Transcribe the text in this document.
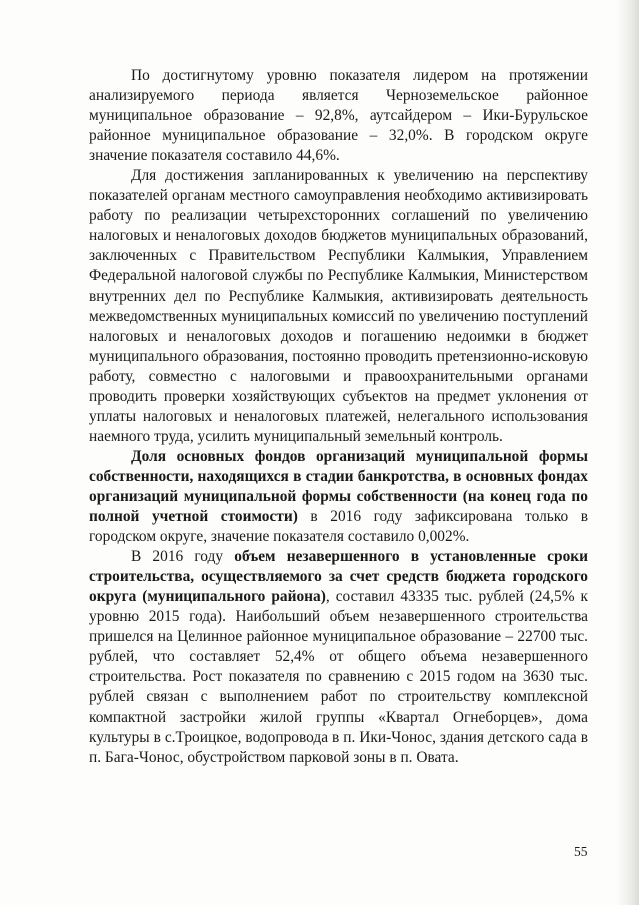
По достигнутому уровню показателя лидером на протяжении анализируемого периода является Черноземельское районное муниципальное образование – 92,8%, аутсайдером – Ики-Бурульское районное муниципальное образование – 32,0%. В городском округе значение показателя составило 44,6%.

Для достижения запланированных к увеличению на перспективу показателей органам местного самоуправления необходимо активизировать работу по реализации четырехсторонних соглашений по увеличению налоговых и неналоговых доходов бюджетов муниципальных образований, заключенных с Правительством Республики Калмыкия, Управлением Федеральной налоговой службы по Республике Калмыкия, Министерством внутренних дел по Республике Калмыкия, активизировать деятельность межведомственных муниципальных комиссий по увеличению поступлений налоговых и неналоговых доходов и погашению недоимки в бюджет муниципального образования, постоянно проводить претензионно-исковую работу, совместно с налоговыми и правоохранительными органами проводить проверки хозяйствующих субъектов на предмет уклонения от уплаты налоговых и неналоговых платежей, нелегального использования наемного труда, усилить муниципальный земельный контроль.

Доля основных фондов организаций муниципальной формы собственности, находящихся в стадии банкротства, в основных фондах организаций муниципальной формы собственности (на конец года по полной учетной стоимости) в 2016 году зафиксирована только в городском округе, значение показателя составило 0,002%.

В 2016 году объем незавершенного в установленные сроки строительства, осуществляемого за счет средств бюджета городского округа (муниципального района), составил 43335 тыс. рублей (24,5% к уровню 2015 года). Наибольший объем незавершенного строительства пришелся на Целинное районное муниципальное образование – 22700 тыс. рублей, что составляет 52,4% от общего объема незавершенного строительства. Рост показателя по сравнению с 2015 годом на 3630 тыс. рублей связан с выполнением работ по строительству комплексной компактной застройки жилой группы «Квартал Огнеборцев», дома культуры в с.Троицкое, водопровода в п. Ики-Чонос, здания детского сада в п. Бага-Чонос, обустройством парковой зоны в п. Овата.

55
